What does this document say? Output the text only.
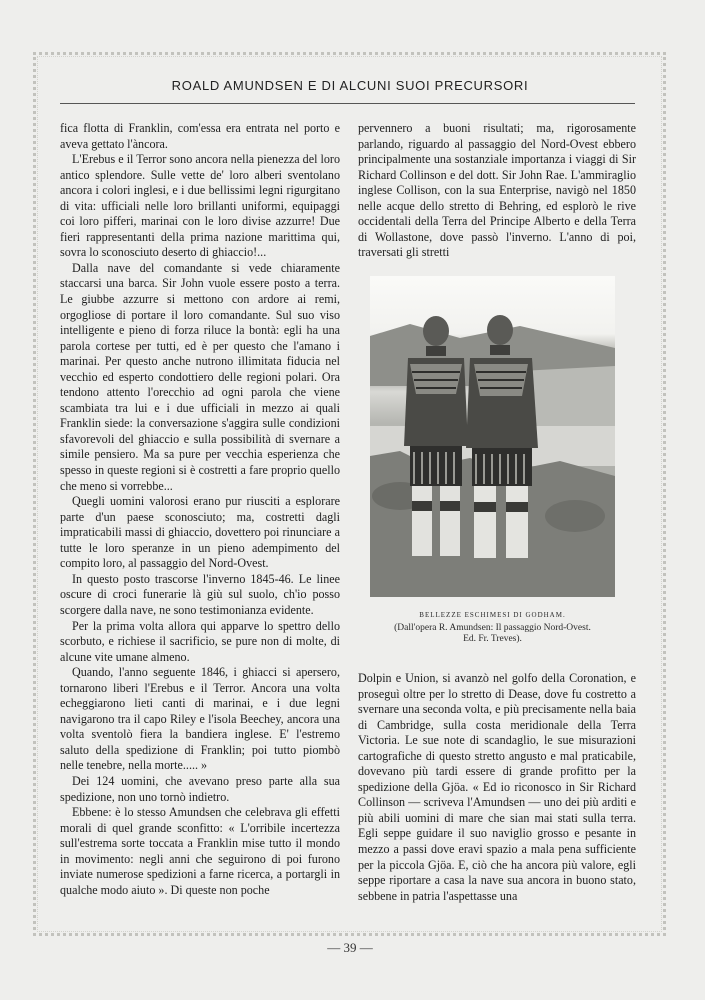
ROALD AMUNDSEN E DI ALCUNI SUOI PRECURSORI

fica flotta di Franklin, com'essa era entrata nel porto e aveva gettato l'àncora.

L'Erebus e il Terror sono ancora nella pienezza del loro antico splendore. Sulle vette de' loro alberi sventolano ancora i colori inglesi, e i due bellissimi legni rigurgitano di vita: ufficiali nelle loro brillanti uniformi, equipaggi coi loro pifferi, marinai con le loro divise azzurre! Due fieri rappresentanti della prima nazione marittima qui, sovra lo sconosciuto deserto di ghiaccio!...

Dalla nave del comandante si vede chiaramente staccarsi una barca. Sir John vuole essere posto a terra. Le giubbe azzurre si mettono con ardore ai remi, orgogliose di portare il loro comandante. Sul suo viso intelligente e pieno di forza riluce la bontà: egli ha una parola cortese per tutti, ed è per questo che l'amano i marinai. Per questo anche nutrono illimitata fiducia nel vecchio ed esperto condottiero delle regioni polari. Ora tendono attento l'orecchio ad ogni parola che viene scambiata tra lui e i due ufficiali in mezzo ai quali Franklin siede: la conversazione s'aggira sulle condizioni sfavorevoli del ghiaccio e sulla possibilità di svernare a simile pensiero. Ma sa pure per vecchia esperienza che spesso in queste regioni si è costretti a fare proprio quello che meno si vorrebbe...

Quegli uomini valorosi erano pur riusciti a esplorare parte d'un paese sconosciuto; ma, costretti dagli impraticabili massi di ghiaccio, dovettero poi rinunciare a tutte le loro speranze in un pieno adempimento del compito loro, al passaggio del Nord-Ovest.

In questo posto trascorse l'inverno 1845-46. Le linee oscure di croci funerarie là giù sul suolo, ch'io posso scorgere dalla nave, ne sono testimonianza evidente.

Per la prima volta allora qui apparve lo spettro dello scorbuto, e richiese il sacrificio, se pure non di molte, di alcune vite umane almeno.

Quando, l'anno seguente 1846, i ghiacci si apersero, tornarono liberi l'Erebus e il Terror. Ancora una volta echeggiarono lieti canti di marinai, e i due legni navigarono tra il capo Riley e l'isola Beechey, ancora una volta sventolò fiera la bandiera inglese. E' l'estremo saluto della spedizione di Franklin; poi tutto piombò nelle tenebre, nella morte..... »

Dei 124 uomini, che avevano preso parte alla sua spedizione, non uno tornò indietro.

Ebbene: è lo stesso Amundsen che celebrava gli effetti morali di quel grande sconfitto: « L'orribile incertezza sull'estrema sorte toccata a Franklin mise tutto il mondo in movimento: negli anni che seguirono di poi furono inviate numerose spedizioni a farne ricerca, a portargli in qualche modo aiuto ». Di queste non poche

pervennero a buoni risultati; ma, rigorosamente parlando, riguardo al passaggio del Nord-Ovest ebbero principalmente una sostanziale importanza i viaggi di Sir Richard Collinson e del dott. Sir John Rae. L'ammiraglio inglese Collison, con la sua Enterprise, navigò nel 1850 nelle acque dello stretto di Behring, ed esplorò le rive occidentali della Terra del Principe Alberto e della Terra di Wollastone, dove passò l'inverno. L'anno di poi, traversati gli stretti

BELLEZZE ESCHIMESI DI GODHAM.
(Dall'opera R. Amundsen: Il passaggio Nord-Ovest.
Ed. Fr. Treves).

Dolpin e Union, si avanzò nel golfo della Coronation, e proseguì oltre per lo stretto di Dease, dove fu costretto a svernare una seconda volta, e più precisamente nella baia di Cambridge, sulla costa meridionale della Terra Victoria. Le sue note di scandaglio, le sue misurazioni cartografiche di questo stretto angusto e mal praticabile, dovevano più tardi essere di grande profitto per la spedizione della Gjöa. « Ed io riconosco in Sir Richard Collinson — scriveva l'Amundsen — uno dei più arditi e più abili uomini di mare che sian mai stati sulla terra. Egli seppe guidare il suo naviglio grosso e pesante in mezzo a passi dove eravi spazio a mala pena sufficiente per la piccola Gjöa. E, ciò che ha ancora più valore, egli seppe riportare a casa la nave sua ancora in buono stato, sebbene in patria l'aspettasse una

— 39 —
